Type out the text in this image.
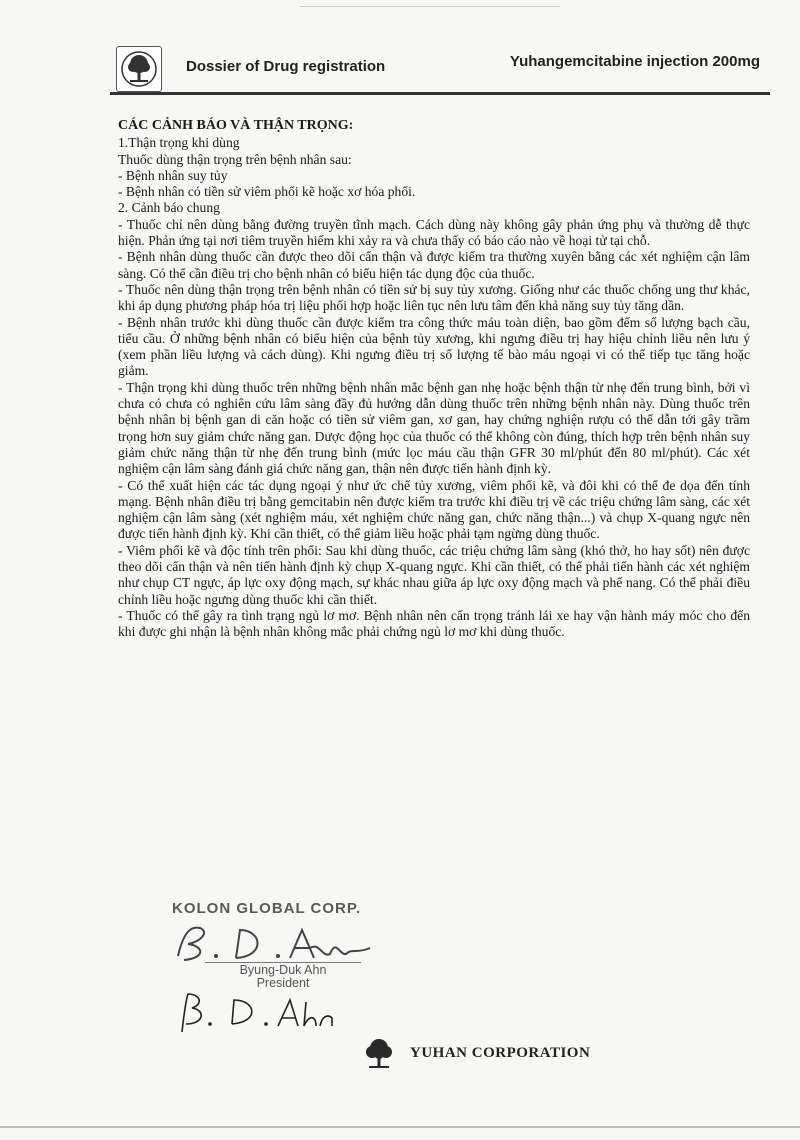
Dossier of Drug registration	Yuhangemcitabine injection 200mg
CÁC CẢNH BÁO VÀ THẬN TRỌNG:

1.Thận trọng khi dùng

Thuốc dùng thận trọng trên bệnh nhân sau:

- Bệnh nhân suy tủy

- Bệnh nhân có tiền sử viêm phổi kẽ hoặc xơ hóa phổi.

2. Cảnh báo chung

- Thuốc chỉ nên dùng bằng đường truyền tĩnh mạch. Cách dùng này không gây phản ứng phụ và thường dễ thực hiện. Phản ứng tại nơi tiêm truyền hiếm khi xảy ra và chưa thấy có báo cáo nào về hoại tử tại chỗ.

- Bệnh nhân dùng thuốc cần được theo dõi cẩn thận và được kiểm tra thường xuyên bằng các xét nghiệm cận lâm sàng. Có thể cần điều trị cho bệnh nhân có biểu hiện tác dụng độc của thuốc.

- Thuốc nên dùng thận trọng trên bệnh nhân có tiền sử bị suy tủy xương. Giống như các thuốc chống ung thư khác, khi áp dụng phương pháp hóa trị liệu phối hợp hoặc liên tục nên lưu tâm đến khả năng suy tủy tăng dần.

- Bệnh nhân trước khi dùng thuốc cần được kiểm tra công thức máu toàn diện, bao gồm đếm số lượng bạch cầu, tiểu cầu. Ở những bệnh nhân có biểu hiện của bệnh tủy xương, khi ngưng điều trị hay hiệu chỉnh liều nên lưu ý (xem phần liều lượng và cách dùng). Khi ngưng điều trị số lượng tế bào máu ngoại vi có thể tiếp tục tăng hoặc giảm.

- Thận trọng khi dùng thuốc trên những bệnh nhân mắc bệnh gan nhẹ hoặc bệnh thận từ nhẹ đến trung bình, bởi vì chưa có chưa có nghiên cứu lâm sàng đầy đủ hướng dẫn dùng thuốc trên những bệnh nhân này. Dùng thuốc trên bệnh nhân bị bệnh gan di căn hoặc có tiền sử viêm gan, xơ gan, hay chứng nghiện rượu có thể dẫn tới gây trầm trọng hơn suy giảm chức năng gan. Dược động học của thuốc có thể không còn đúng, thích hợp trên bệnh nhân suy giảm chức năng thận từ nhẹ đến trung bình (mức lọc máu cầu thận GFR 30 ml/phút đến 80 ml/phút). Các xét nghiệm cận lâm sàng đánh giá chức năng gan, thận nên được tiến hành định kỳ.

- Có thể xuất hiện các tác dụng ngoại ý như ức chế tủy xương, viêm phổi kẽ, và đôi khi có thể đe dọa đến tính mạng. Bệnh nhân điều trị bằng gemcitabin nên được kiểm tra trước khi điều trị về các triệu chứng lâm sàng, các xét nghiệm cận lâm sàng (xét nghiệm máu, xét nghiệm chức năng gan, chức năng thận...) và chụp X-quang ngực nên được tiến hành định kỳ. Khi cần thiết, có thể giảm liều hoặc phải tạm ngừng dùng thuốc.

- Viêm phổi kẽ và độc tính trên phổi: Sau khi dùng thuốc, các triệu chứng lâm sàng (khó thở, ho hay sốt) nên được theo dõi cẩn thận và nên tiến hành định kỳ chụp X-quang ngực. Khi cần thiết, có thể phải tiến hành các xét nghiệm như chụp CT ngực, áp lực oxy động mạch, sự khác nhau giữa áp lực oxy động mạch và phế nang. Có thể phải điều chỉnh liều hoặc ngưng dùng thuốc khi cần thiết.

- Thuốc có thể gây ra tình trạng ngủ lơ mơ. Bệnh nhân nên cẩn trọng tránh lái xe hay vận hành máy móc cho đến khi được ghi nhận là bệnh nhân không mắc phải chứng ngủ lơ mơ khi dùng thuốc.

KOLON GLOBAL CORP.
Byung-Duk Ahn
President
YUHAN CORPORATION
